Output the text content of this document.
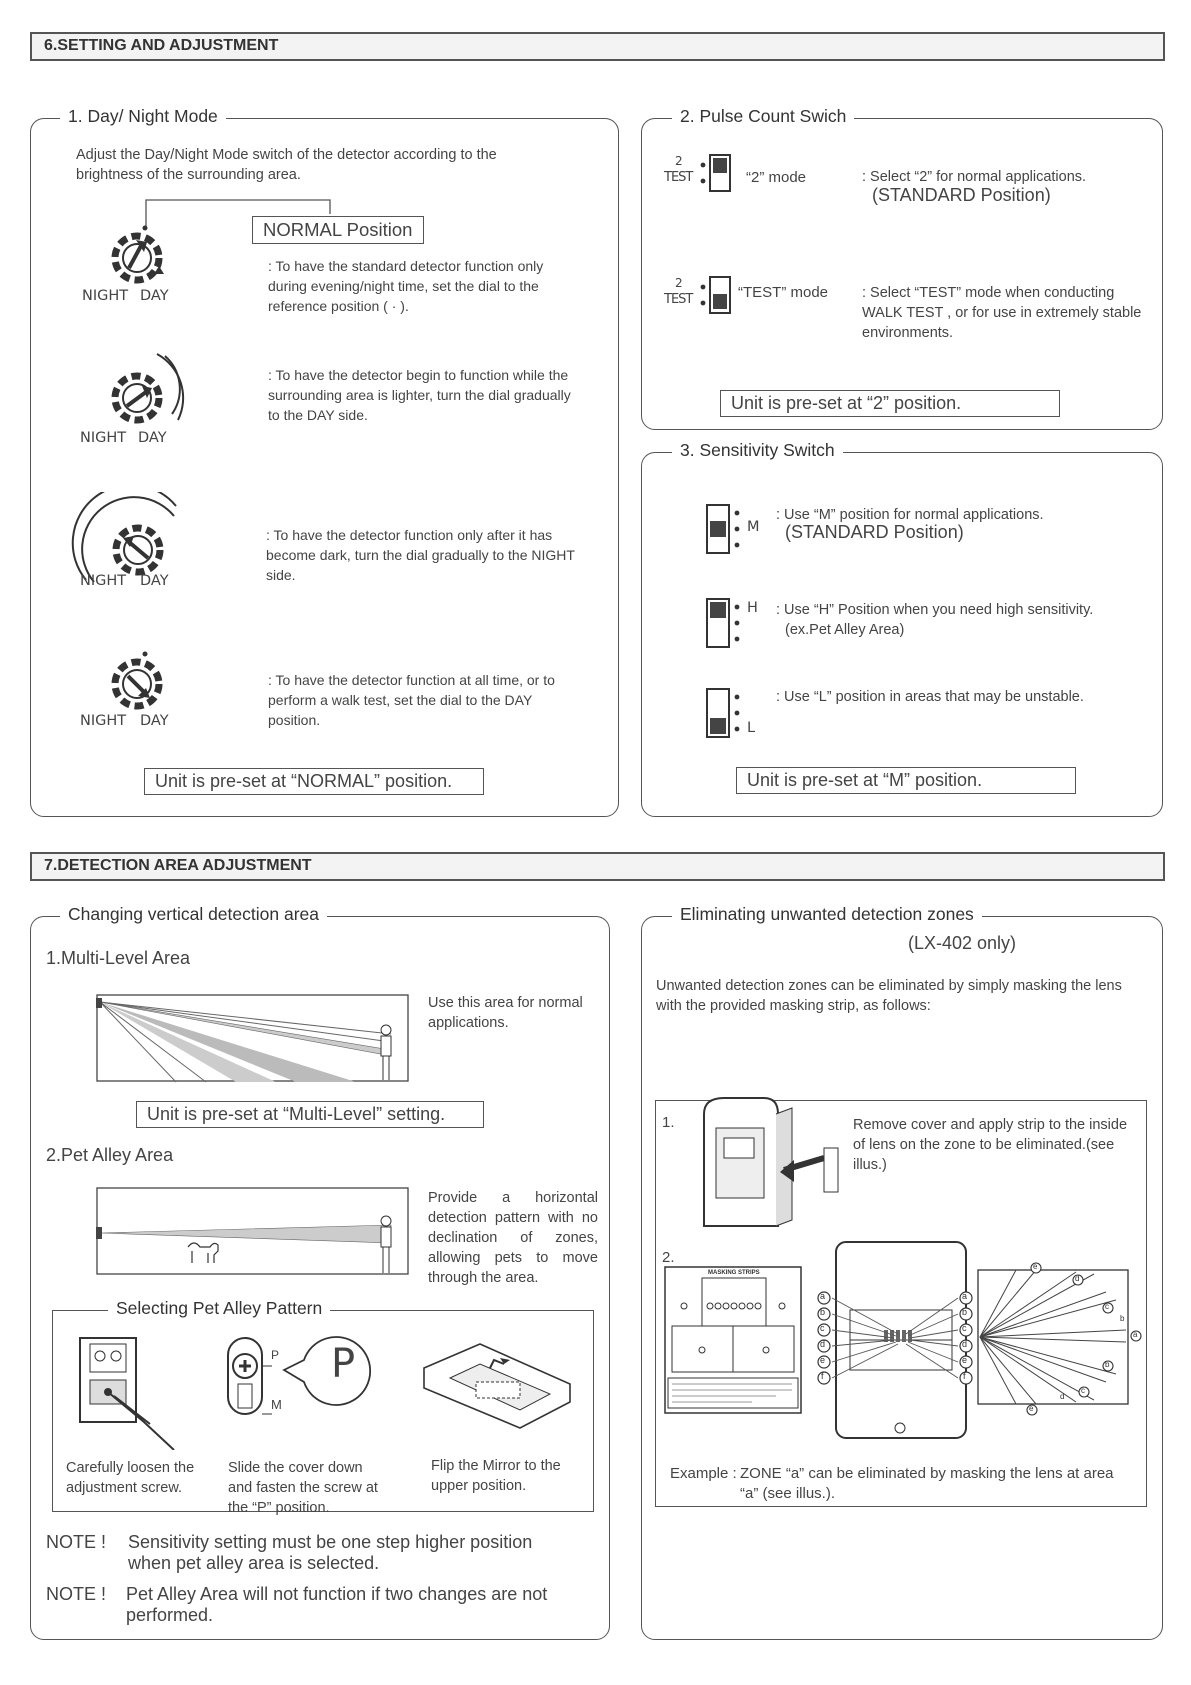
6.SETTING AND ADJUSTMENT
1. Day/ Night Mode
Adjust the Day/Night Mode switch of the detector according to the brightness of the surrounding area.
NORMAL Position
NIGHT DAY
: To have the standard detector function only during evening/night time, set the dial to the reference position ( · ).
NIGHT DAY
: To have the detector begin to function while the surrounding area is lighter, turn the dial gradually to the DAY side.
NIGHT DAY
: To have the detector function only after it has become dark, turn the dial gradually to the NIGHT side.
NIGHT DAY
: To have the detector function at all time, or to perform a walk test, set the dial to the DAY position.
Unit is pre-set at “NORMAL” position.
2. Pulse Count Swich
2
TEST	“2” mode	: Select “2” for normal applications.
(STANDARD Position)
2
TEST	“TEST” mode : Select “TEST” mode when conducting WALK TEST , or for use in extremely stable environments.
Unit is pre-set at “2” position.
3. Sensitivity Switch
M
: Use “M” position for normal applications.
(STANDARD Position)
H : Use “H” Position when you need high sensitivity.
(ex.Pet Alley Area)
L
: Use “L” position in areas that may be unstable.
Unit is pre-set at “M” position.
7.DETECTION AREA ADJUSTMENT
Changing vertical detection area
1.Multi-Level Area
Use this area for normal applications.
Unit is pre-set at “Multi-Level” setting.
2.Pet Alley Area
Provide a horizontal detection pattern with no declination of zones, allowing pets to move through the area.
Selecting Pet Alley Pattern
P
P
M
Carefully loosen the adjustment screw.
Slide the cover down and fasten the screw at the “P” position.
Flip the Mirror to the upper position.
NOTE ! Sensitivity setting must be one step higher position when pet alley area is selected.
NOTE ! Pet Alley Area will not function if two changes are not performed.
Eliminating unwanted detection zones
(LX-402 only)
Unwanted detection zones can be eliminated by simply masking the lens with the provided masking strip, as follows:
1.	Remove cover and apply strip to the inside of lens on the zone to be eliminated.(see illus.)
2.
MASKING STRIPS
a
b
c
d
e
f
a
b
c
d
e
f
e
d
c
b
a
b
c
d
e
Example : ZONE “a” can be eliminated by masking the lens at area “a” (see illus.).
